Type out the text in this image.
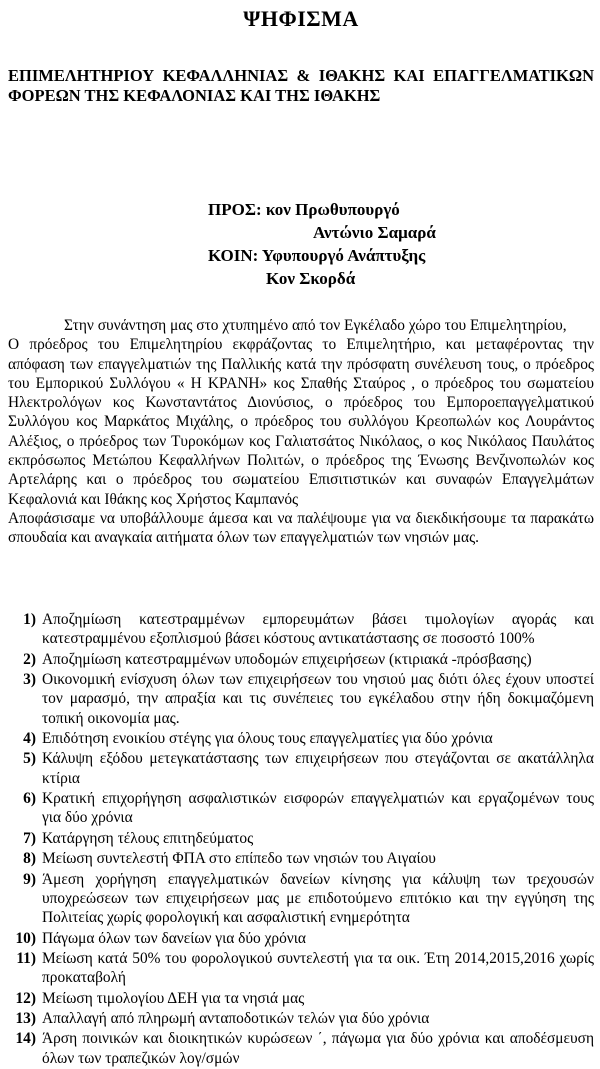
ΨΗΦΙΣΜΑ
ΕΠΙΜΕΛΗΤΗΡΙΟΥ ΚΕΦΑΛΛΗΝΙΑΣ & ΙΘΑΚΗΣ ΚΑΙ ΕΠΑΓΓΕΛΜΑΤΙΚΩΝ ΦΟΡΕΩΝ ΤΗΣ ΚΕΦΑΛΟΝΙΑΣ ΚΑΙ ΤΗΣ ΙΘΑΚΗΣ
ΠΡΟΣ: κον Πρωθυπουργό
Αντώνιο Σαμαρά
ΚΟΙΝ: Υφυπουργό Ανάπτυξης
Κον Σκορδά

Στην συνάντηση μας στο χτυπημένο από τον Εγκέλαδο χώρο του Επιμελητηρίου,

Ο πρόεδρος του Επιμελητηρίου εκφράζοντας το Επιμελητήριο, και μεταφέροντας την απόφαση των επαγγελματιών της Παλλικής κατά την πρόσφατη συνέλευση τους, ο πρόεδρος του Εμπορικού Συλλόγου « Η ΚΡΑΝΗ» κος Σπαθής Σταύρος , ο πρόεδρος του σωματείου Ηλεκτρολόγων κος Κωνσταντάτος Διονύσιος, ο πρόεδρος του Εμποροεπαγγελματικού Συλλόγου κος Μαρκάτος Μιχάλης, ο πρόεδρος του συλλόγου Κρεοπωλών κος Λουράντος Αλέξιος, ο πρόεδρος των Τυροκόμων κος Γαλιατσάτος Νικόλαος, ο κος Νικόλαος Παυλάτος εκπρόσωπος Μετώπου Κεφαλλήνων Πολιτών, ο πρόεδρος της Ένωσης Βενζινοπωλών κος Αρτελάρης και ο πρόεδρος του σωματείου Επισιτιστικών και συναφών Επαγγελμάτων Κεφαλονιά και Ιθάκης κος Χρήστος Καμπανός

Αποφάσισαμε να υποβάλλουμε άμεσα και να παλέψουμε για να διεκδικήσουμε τα παρακάτω σπουδαία και αναγκαία αιτήματα όλων των επαγγελματιών των νησιών μας.

1) Αποζημίωση κατεστραμμένων εμπορευμάτων βάσει τιμολογίων αγοράς και κατεστραμμένου εξοπλισμού βάσει κόστους αντικατάστασης σε ποσοστό 100%
2) Αποζημίωση κατεστραμμένων υποδομών επιχειρήσεων (κτιριακά -πρόσβασης)
3) Οικονομική ενίσχυση όλων των επιχειρήσεων του νησιού μας διότι όλες έχουν υποστεί τον μαρασμό, την απραξία και τις συνέπειες του εγκέλαδου στην ήδη δοκιμαζόμενη τοπική οικονομία μας.
4) Επιδότηση ενοικίου στέγης για όλους τους επαγγελματίες για δύο χρόνια
5) Κάλυψη εξόδου μετεγκατάστασης των επιχειρήσεων που στεγάζονται σε ακατάλληλα κτίρια
6) Κρατική επιχορήγηση ασφαλιστικών εισφορών επαγγελματιών και εργαζομένων τους για δύο χρόνια
7) Κατάργηση τέλους επιτηδεύματος
8) Μείωση συντελεστή ΦΠΑ στο επίπεδο των νησιών του Αιγαίου
9) Άμεση χορήγηση επαγγελματικών δανείων κίνησης για κάλυψη των τρεχουσών υποχρεώσεων των επιχειρήσεων μας με επιδοτούμενο επιτόκιο και την εγγύηση της Πολιτείας χωρίς φορολογική και ασφαλιστική ενημερότητα
10) Πάγωμα όλων των δανείων για δύο χρόνια
11) Μείωση κατά 50% του φορολογικού συντελεστή για τα οικ. Έτη 2014,2015,2016 χωρίς προκαταβολή
12) Μείωση τιμολογίου ΔΕΗ για τα νησιά μας
13) Απαλλαγή από πληρωμή ανταποδοτικών τελών για δύο χρόνια
14) Άρση ποινικών και διοικητικών κυρώσεων ΄, πάγωμα για δύο χρόνια και αποδέσμευση όλων των τραπεζικών λογ/σμών
